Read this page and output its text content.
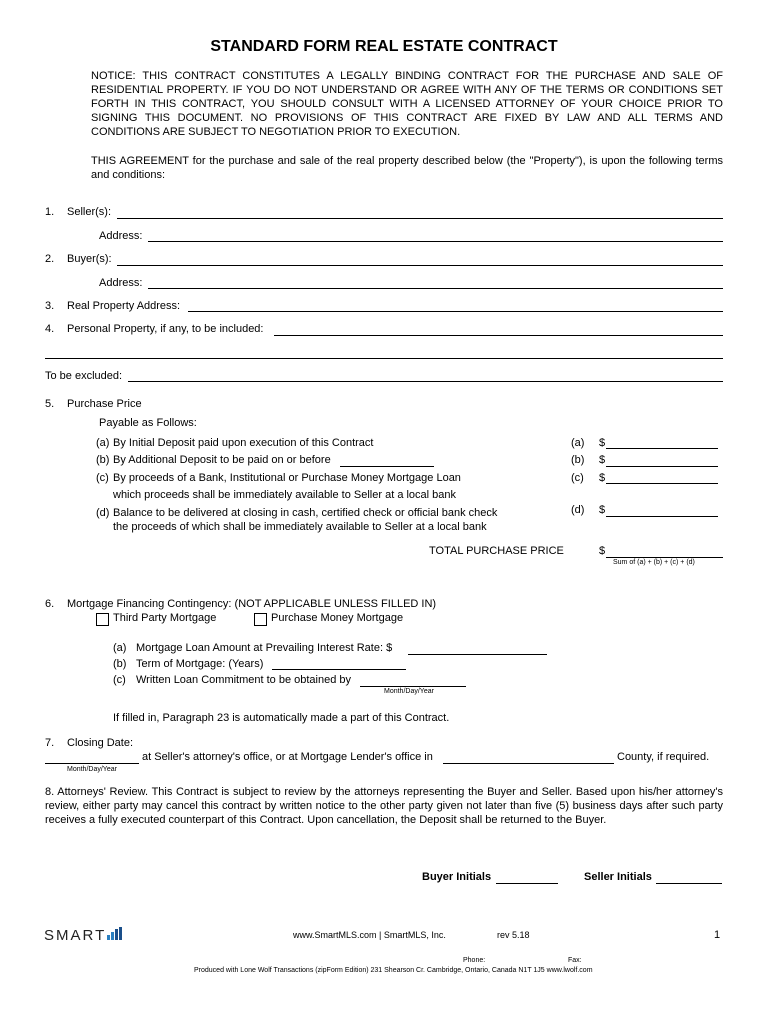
STANDARD FORM REAL ESTATE CONTRACT
NOTICE: THIS CONTRACT CONSTITUTES A LEGALLY BINDING CONTRACT FOR THE PURCHASE AND SALE OF RESIDENTIAL PROPERTY. IF YOU DO NOT UNDERSTAND OR AGREE WITH ANY OF THE TERMS OR CONDITIONS SET FORTH IN THIS CONTRACT, YOU SHOULD CONSULT WITH A LICENSED ATTORNEY OF YOUR CHOICE PRIOR TO SIGNING THIS DOCUMENT. NO PROVISIONS OF THIS CONTRACT ARE FIXED BY LAW AND ALL TERMS AND CONDITIONS ARE SUBJECT TO NEGOTIATION PRIOR TO EXECUTION.
THIS AGREEMENT for the purchase and sale of the real property described below (the "Property"), is upon the following terms and conditions:
1. Seller(s):
Address:
2. Buyer(s):
Address:
3. Real Property Address:
4. Personal Property, if any, to be included:
To be excluded:
5. Purchase Price
Payable as Follows:
(a) By Initial Deposit paid upon execution of this Contract	(a) $
(b) By Additional Deposit to be paid on or before	(b) $
(c) By proceeds of a Bank, Institutional or Purchase Money Mortgage Loan	(c) $
which proceeds shall be immediately available to Seller at a local bank
(d) Balance to be delivered at closing in cash, certified check or official bank check
the proceeds of which shall be immediately available to Seller at a local bank
(d) $
TOTAL PURCHASE PRICE	$
Sum of (a) + (b) + (c) + (d)
6. Mortgage Financing Contingency: (NOT APPLICABLE UNLESS FILLED IN)
Third Party Mortgage	Purchase Money Mortgage
(a) Mortgage Loan Amount at Prevailing Interest Rate: $
(b) Term of Mortgage: (Years)
(c) Written Loan Commitment to be obtained by
Month/Day/Year
If filled in, Paragraph 23 is automatically made a part of this Contract.
7. Closing Date:
Month/Day/Year
at Seller's attorney's office, or at Mortgage Lender's office in	County, if required.
8. Attorneys' Review. This Contract is subject to review by the attorneys representing the Buyer and Seller. Based upon his/her attorney's review, either party may cancel this contract by written notice to the other party given not later than five (5) business days after such party receives a fully executed counterpart of this Contract. Upon cancellation, the Deposit shall be returned to the Buyer.
Buyer Initials	Seller Initials
SMART	www.SmartMLS.com | SmartMLS, Inc.	rev 5.18	1
Phone:	Fax:
Produced with Lone Wolf Transactions (zipForm Edition) 231 Shearson Cr. Cambridge, Ontario, Canada N1T 1J5 www.lwolf.com
